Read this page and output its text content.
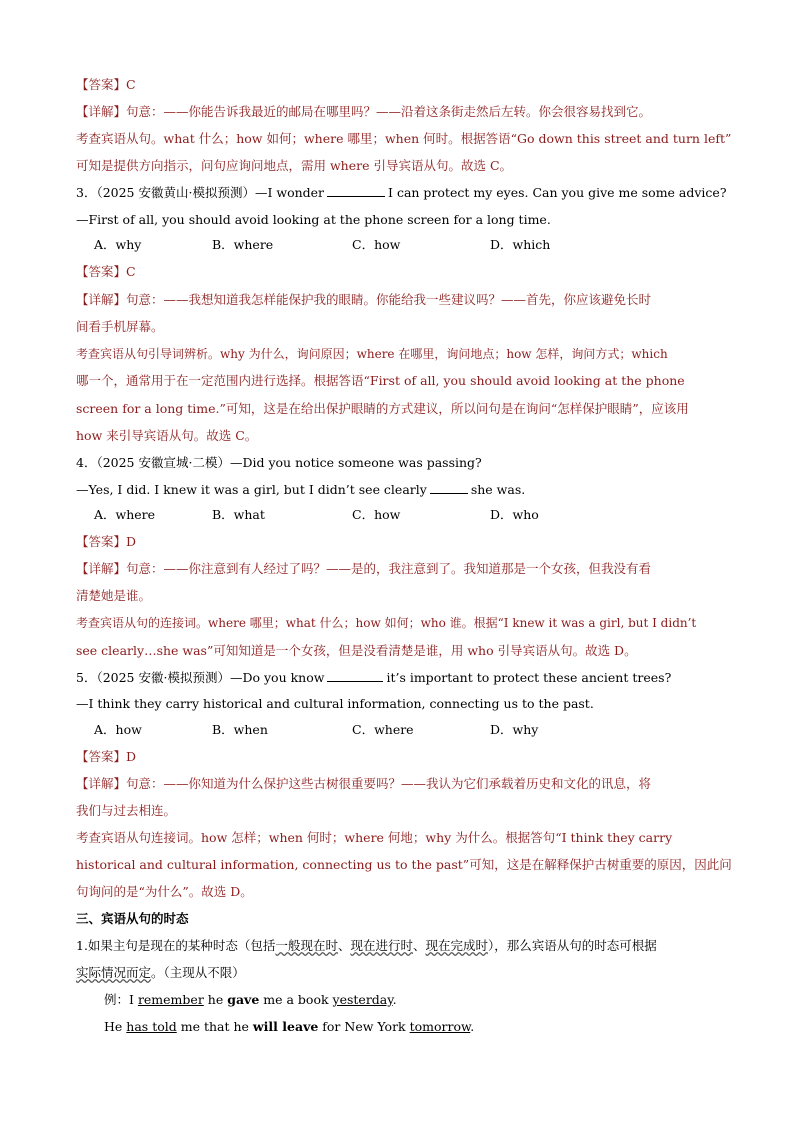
【答案】C
【详解】句意：——你能告诉我最近的邮局在哪里吗？——沿着这条街走然后左转。你会很容易找到它。
考查宾语从句。what 什么；how 如何；where 哪里；when 何时。根据答语“Go down this street and turn left”
可知是提供方向指示，问句应询问地点，需用 where 引导宾语从句。故选 C。
3．（2025 安徽黄山·模拟预测）—I wonder	I can protect my eyes. Can you give me some advice?
—First of all, you should avoid looking at the phone screen for a long time.
A．why	B．where	C．how	D．which
【答案】C
【详解】句意：——我想知道我怎样能保护我的眼睛。你能给我一些建议吗？——首先，你应该避免长时
间看手机屏幕。
考查宾语从句引导词辨析。why 为什么，询问原因；where 在哪里，询问地点；how 怎样，询问方式；which
哪一个，通常用于在一定范围内进行选择。根据答语“First of all, you should avoid looking at the phone
screen for a long time.”可知，这是在给出保护眼睛的方式建议，所以问句是在询问“怎样保护眼睛”，应该用
how 来引导宾语从句。故选 C。
4．（2025 安徽宣城·二模）—Did you notice someone was passing?
—Yes, I did. I knew it was a girl, but I didn’t see clearly	she was.
A．where	B．what	C．how	D．who
【答案】D
【详解】句意：——你注意到有人经过了吗？——是的，我注意到了。我知道那是一个女孩，但我没有看
清楚她是谁。
考查宾语从句的连接词。where 哪里；what 什么；how 如何；who 谁。根据“I knew it was a girl, but I didn’t
see clearly…she was”可知知道是一个女孩，但是没看清楚是谁，用 who 引导宾语从句。故选 D。
5．（2025 安徽·模拟预测）—Do you know	it’s important to protect these ancient trees?
—I think they carry historical and cultural information, connecting us to the past.
A．how	B．when	C．where	D．why
【答案】D
【详解】句意：——你知道为什么保护这些古树很重要吗？——我认为它们承载着历史和文化的讯息，将
我们与过去相连。
考查宾语从句连接词。how 怎样；when 何时；where 何地；why 为什么。根据答句“I think they carry
historical and cultural information, connecting us to the past”可知，这是在解释保护古树重要的原因，因此问
句询问的是“为什么”。故选 D。
三、宾语从句的时态
1.如果主句是现在的某种时态（包括一般现在时、现在进行时、现在完成时），那么宾语从句的时态可根据
实际情况而定。（主现从不限）
例：I remember he gave me a book yesterday.
He has told me that he will leave for New York tomorrow.
